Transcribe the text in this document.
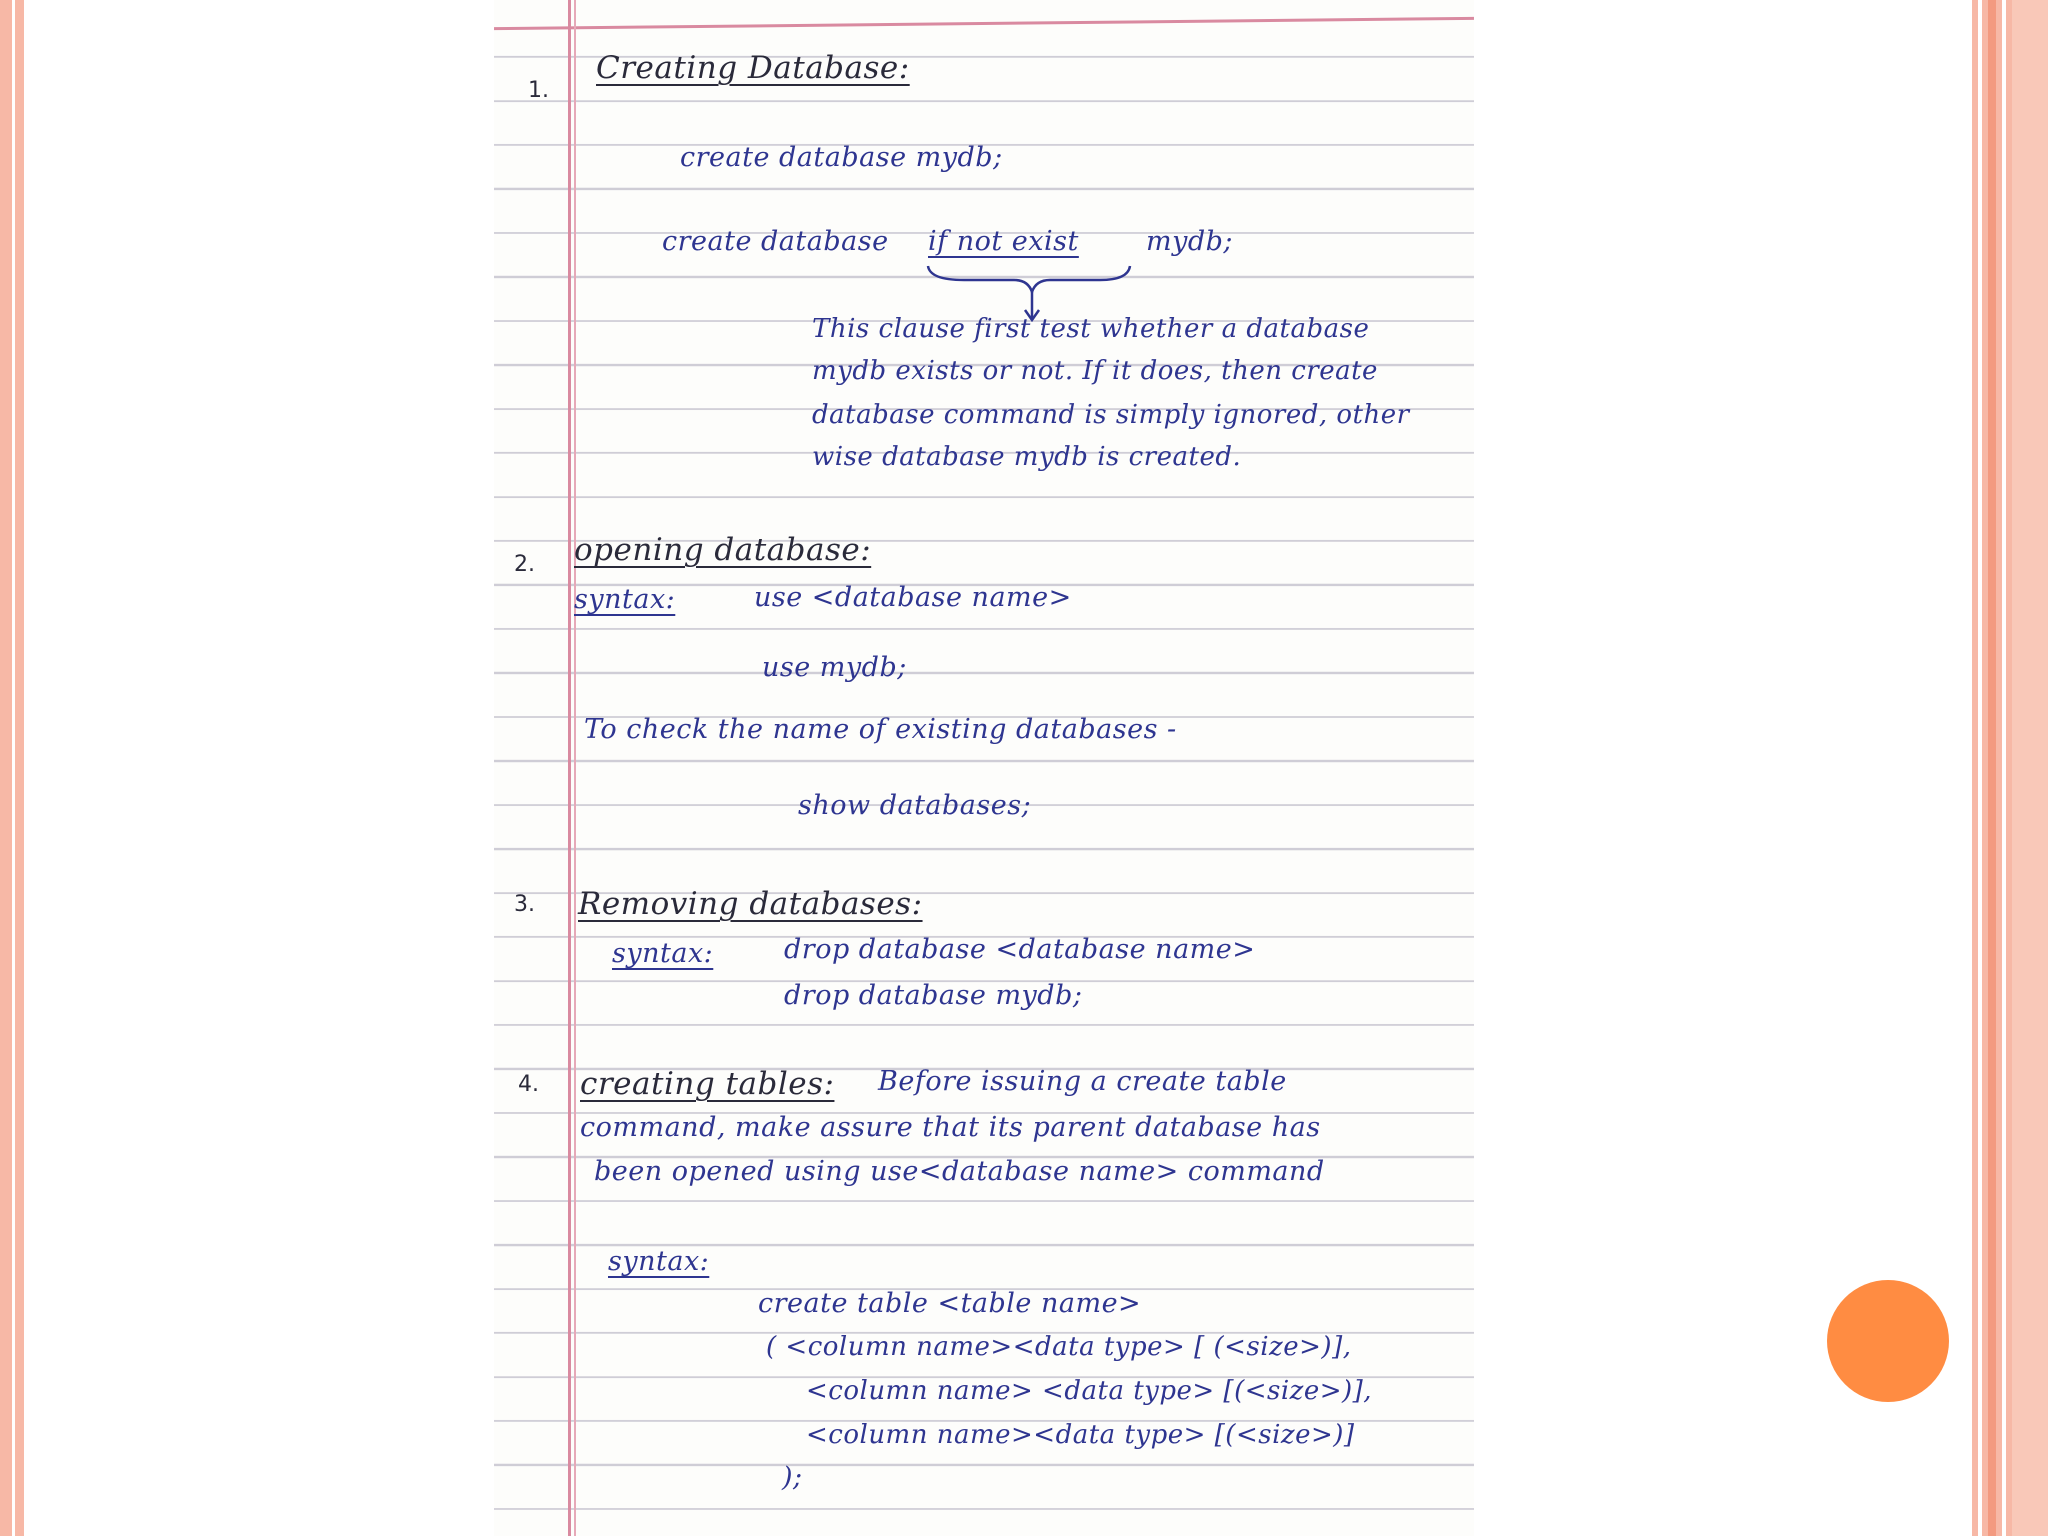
1.
Creating Database:
create database mydb;
create database if not exist mydb;
This clause first test whether a database
mydb exists or not. If it does, then create
database command is simply ignored, other
wise database mydb is created.
2. opening database:
syntax:	use <database name>
use mydb;
To check the name of existing databases -
show databases;
3. Removing databases:
syntax:	drop database <database name>
drop database mydb;
4. creating tables: Before issuing a create table
command, make assure that its parent database has
been opened using use<database name> command
syntax:
create table <table name>
( <column name><data type> [ (<size>)],
<column name> <data type> [(<size>)],
<column name><data type> [(<size>)]
);
